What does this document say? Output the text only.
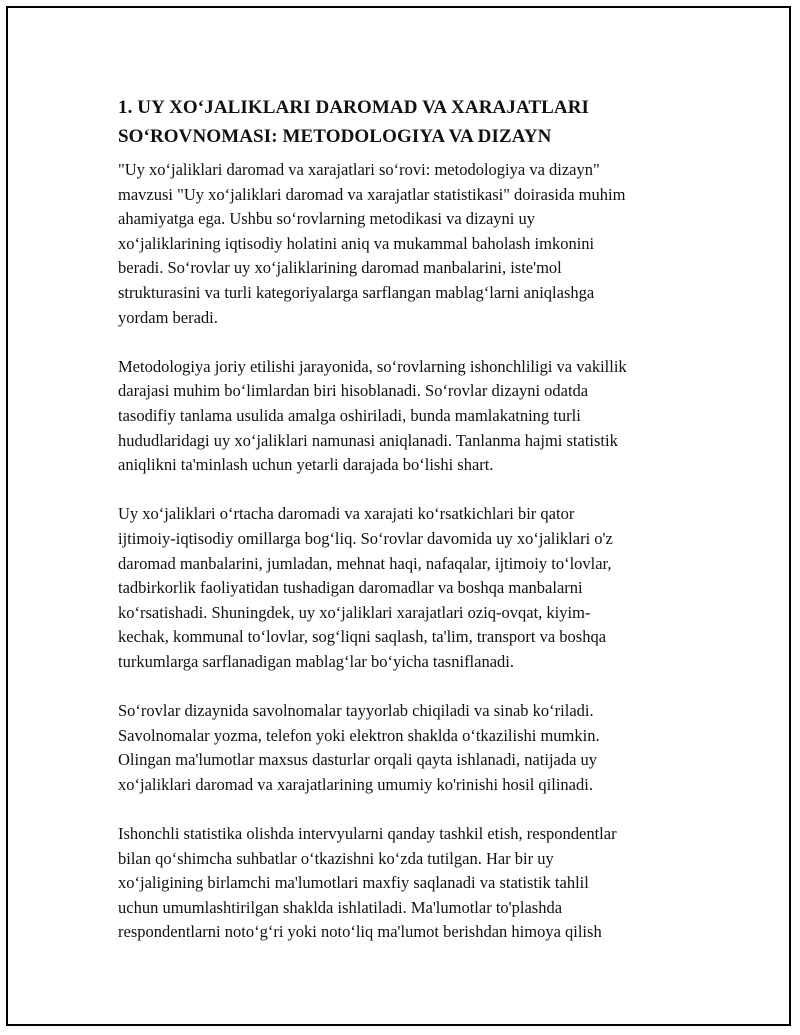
1. UY XO‘JALIKLARI DAROMAD VA XARAJATLARI
SO‘ROVNOMASI: METODOLOGIYA VA DIZAYN

"Uy xo‘jaliklari daromad va xarajatlari so‘rovi: metodologiya va dizayn"
mavzusi "Uy xo‘jaliklari daromad va xarajatlar statistikasi" doirasida muhim
ahamiyatga ega. Ushbu so‘rovlarning metodikasi va dizayni uy
xo‘jaliklarining iqtisodiy holatini aniq va mukammal baholash imkonini
beradi. So‘rovlar uy xo‘jaliklarining daromad manbalarini, iste'mol
strukturasini va turli kategoriyalarga sarflangan mablag‘larni aniqlashga
yordam beradi.

Metodologiya joriy etilishi jarayonida, so‘rovlarning ishonchliligi va vakillik
darajasi muhim bo‘limlardan biri hisoblanadi. So‘rovlar dizayni odatda
tasodifiy tanlama usulida amalga oshiriladi, bunda mamlakatning turli
hududlaridagi uy xo‘jaliklari namunasi aniqlanadi. Tanlanma hajmi statistik
aniqlikni ta'minlash uchun yetarli darajada bo‘lishi shart.

Uy xo‘jaliklari o‘rtacha daromadi va xarajati ko‘rsatkichlari bir qator
ijtimoiy-iqtisodiy omillarga bog‘liq. So‘rovlar davomida uy xo‘jaliklari o'z
daromad manbalarini, jumladan, mehnat haqi, nafaqalar, ijtimoiy to‘lovlar,
tadbirkorlik faoliyatidan tushadigan daromadlar va boshqa manbalarni
ko‘rsatishadi. Shuningdek, uy xo‘jaliklari xarajatlari oziq-ovqat, kiyim-
kechak, kommunal to‘lovlar, sog‘liqni saqlash, ta'lim, transport va boshqa
turkumlarga sarflanadigan mablag‘lar bo‘yicha tasniflanadi.

So‘rovlar dizaynida savolnomalar tayyorlab chiqiladi va sinab ko‘riladi.
Savolnomalar yozma, telefon yoki elektron shaklda o‘tkazilishi mumkin.
Olingan ma'lumotlar maxsus dasturlar orqali qayta ishlanadi, natijada uy
xo‘jaliklari daromad va xarajatlarining umumiy ko'rinishi hosil qilinadi.

Ishonchli statistika olishda intervyularni qanday tashkil etish, respondentlar
bilan qo‘shimcha suhbatlar o‘tkazishni ko‘zda tutilgan. Har bir uy
xo‘jaligining birlamchi ma'lumotlari maxfiy saqlanadi va statistik tahlil
uchun umumlashtirilgan shaklda ishlatiladi. Ma'lumotlar to'plashda
respondentlarni noto‘g‘ri yoki noto‘liq ma'lumot berishdan himoya qilish
